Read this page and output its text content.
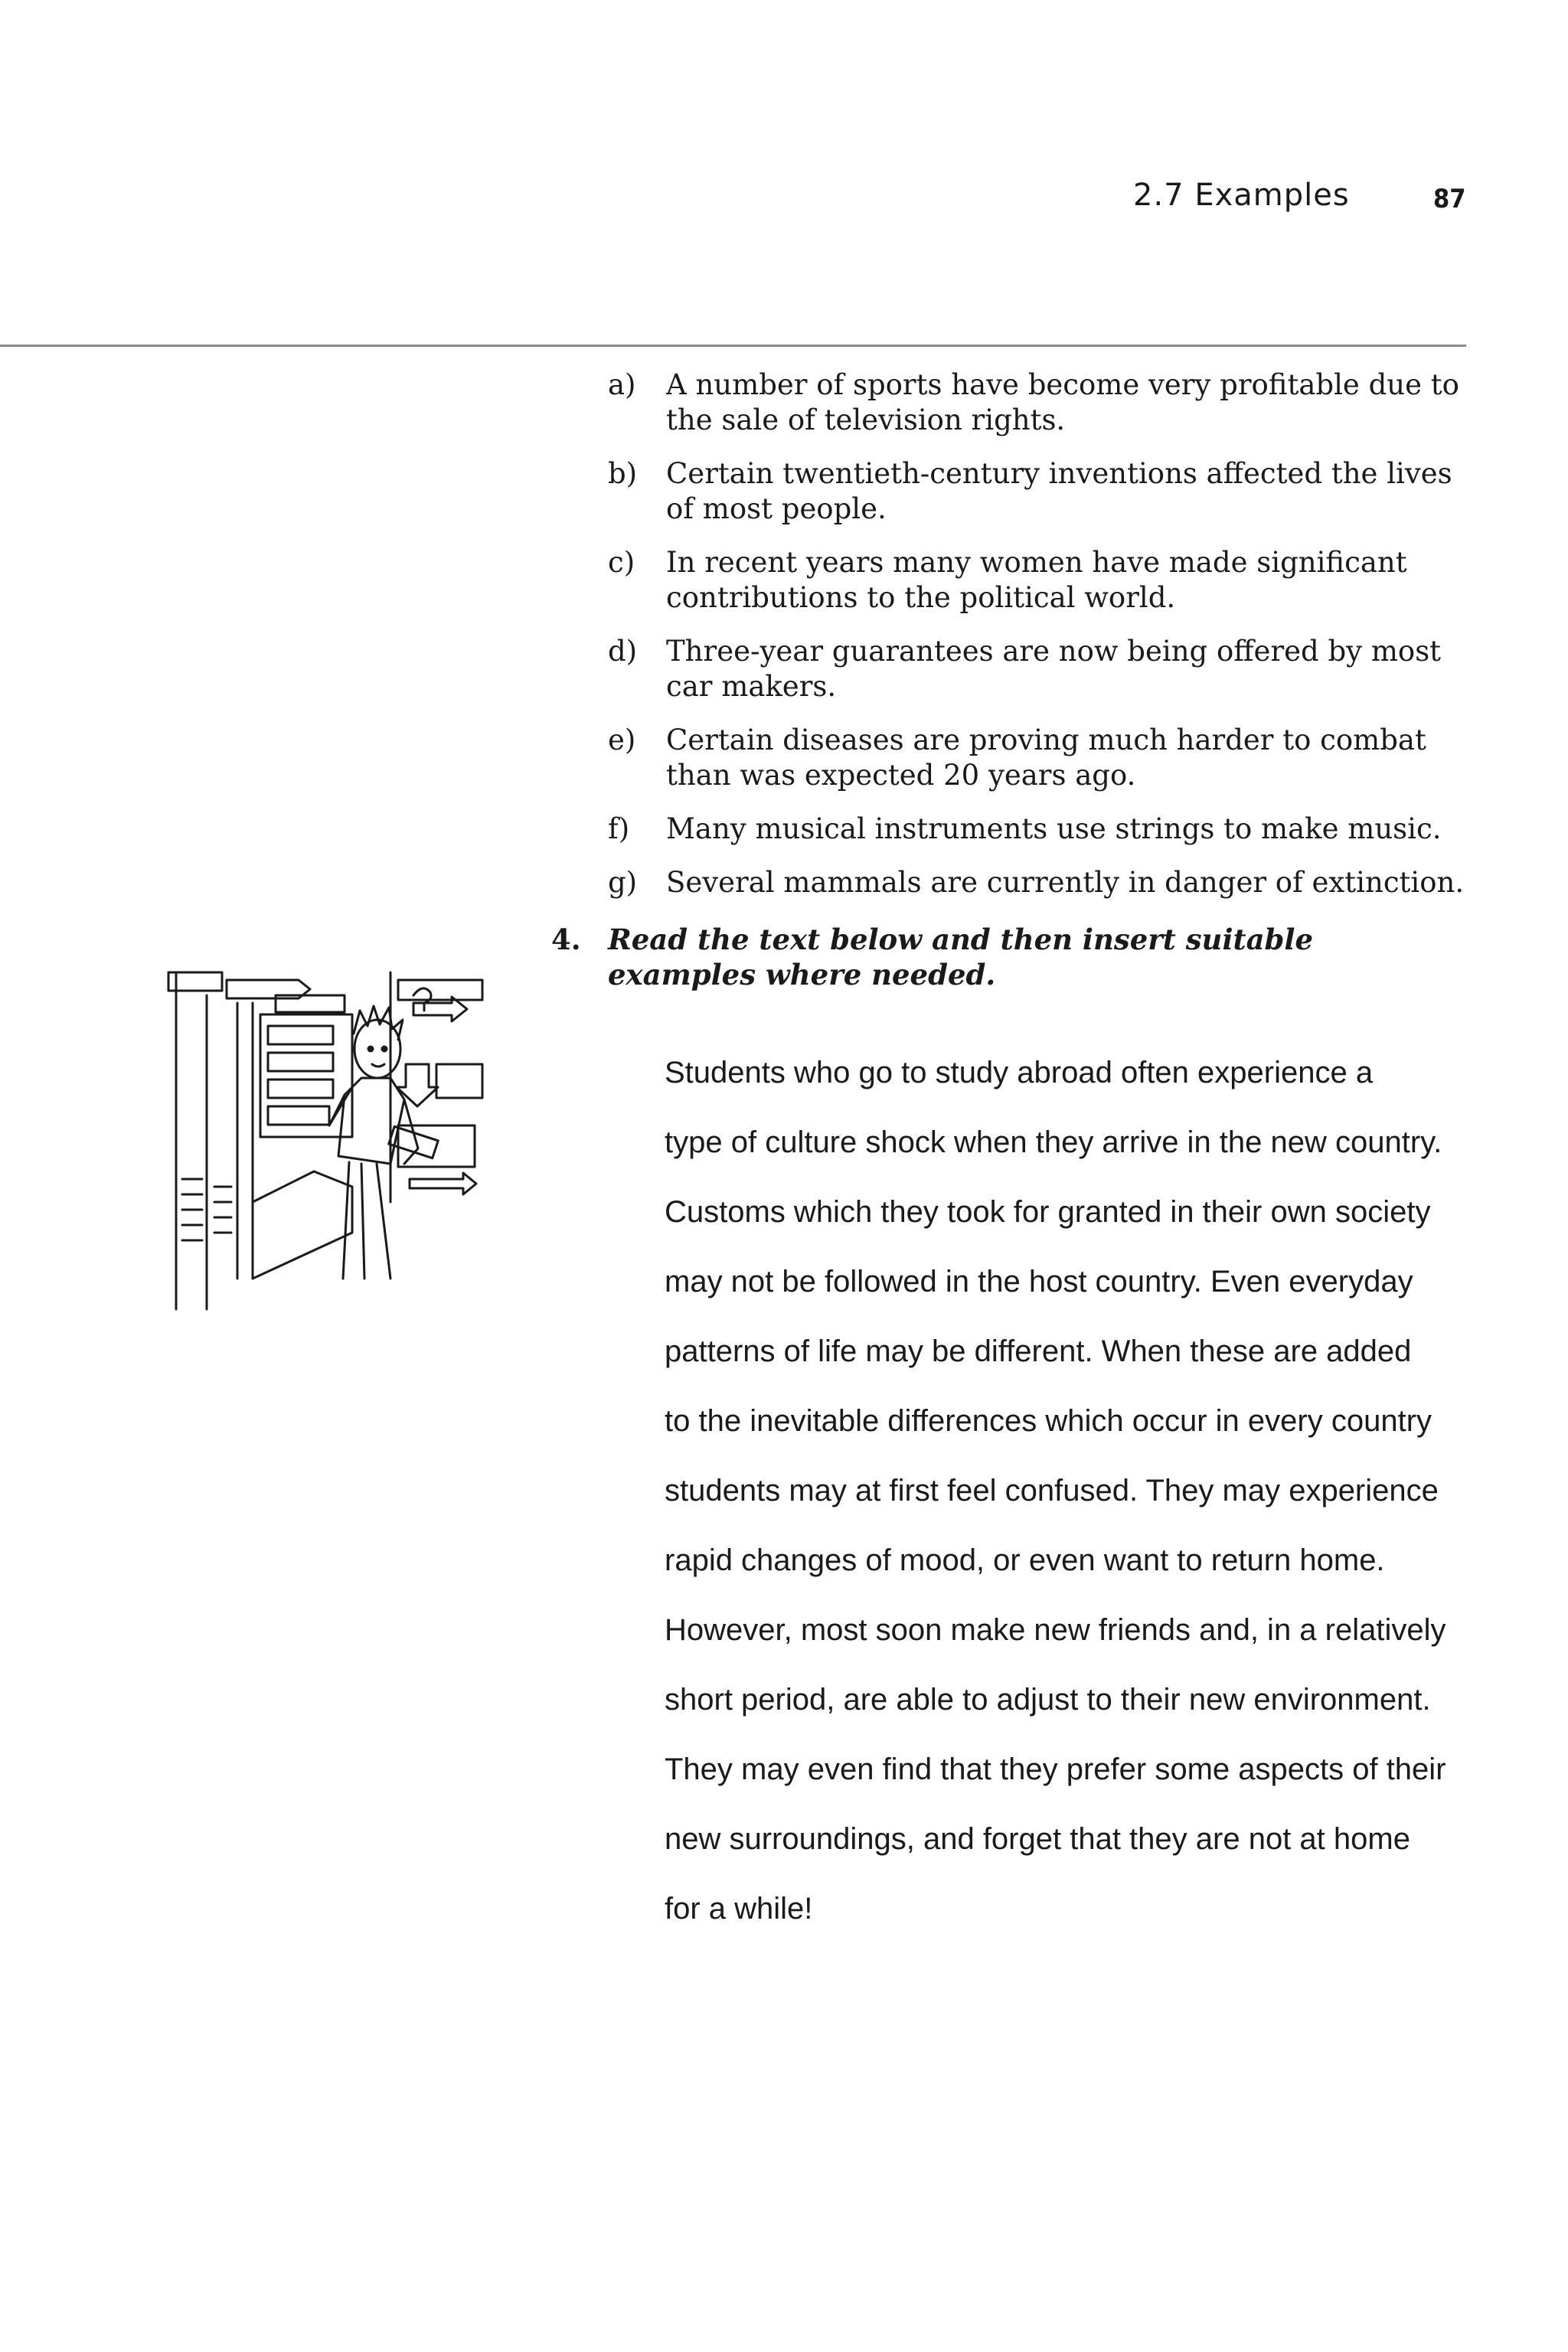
2.7 Examples	87
a)	A number of sports have become very profitable due to the sale of television rights.
b)	Certain twentieth-century inventions affected the lives of most people.
c)	In recent years many women have made significant contributions to the political world.
d)	Three-year guarantees are now being offered by most car makers.
e)	Certain diseases are proving much harder to combat than was expected 20 years ago.
f)	Many musical instruments use strings to make music.
g)	Several mammals are currently in danger of extinction.
4. Read the text below and then insert suitable examples where needed.
Students who go to study abroad often experience a
type of culture shock when they arrive in the new country.
Customs which they took for granted in their own society
may not be followed in the host country. Even everyday
patterns of life may be different. When these are added
to the inevitable differences which occur in every country
students may at first feel confused. They may experience
rapid changes of mood, or even want to return home.
However, most soon make new friends and, in a relatively
short period, are able to adjust to their new environment.
They may even find that they prefer some aspects of their
new surroundings, and forget that they are not at home
for a while!
